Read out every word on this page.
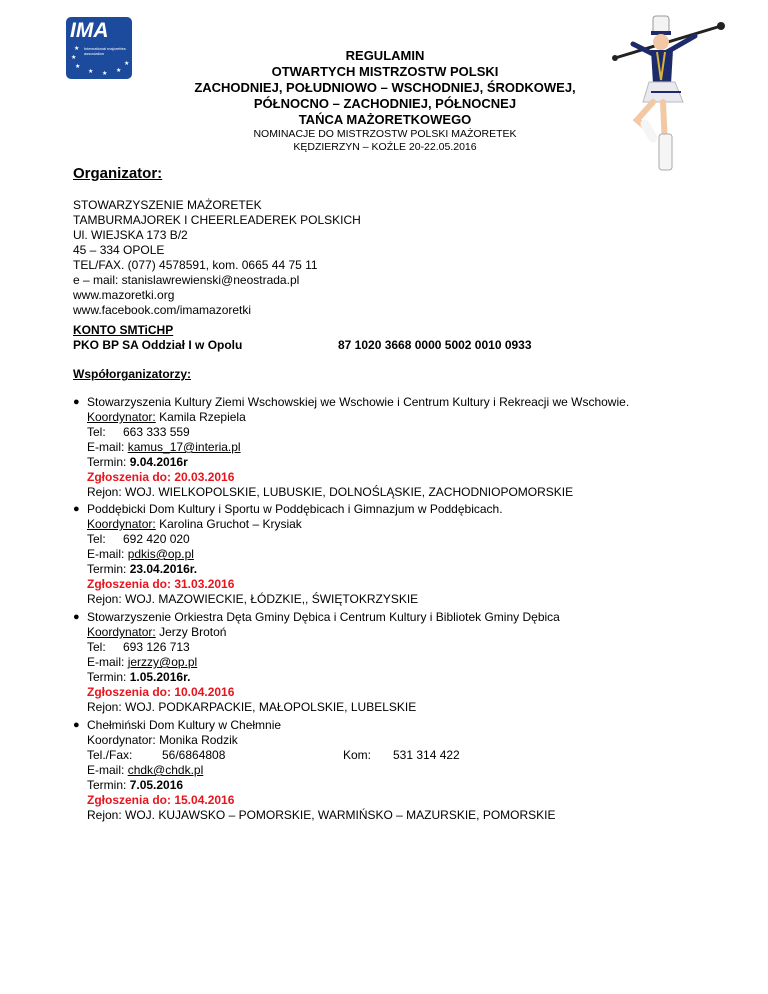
IMA
International majorettes association
★
★
★
★ ★ ★
★
REGULAMIN
OTWARTYCH MISTRZOSTW POLSKI
ZACHODNIEJ, POŁUDNIOWO – WSCHODNIEJ, ŚRODKOWEJ,
PÓŁNOCNO – ZACHODNIEJ, PÓŁNOCNEJ
TAŃCA MAŻORETKOWEGO
NOMINACJE DO MISTRZOSTW POLSKI MAŻORETEK
KĘDZIERZYN – KOŹLE 20-22.05.2016
Organizator:
STOWARZYSZENIE MAŻORETEK
TAMBURMAJOREK I CHEERLEADEREK POLSKICH
Ul. WIEJSKA 173 B/2
45 – 334 OPOLE
TEL/FAX. (077) 4578591, kom. 0665 44 75 11
e – mail: stanislawrewienski@neostrada.pl
www.mazoretki.org
www.facebook.com/imamazoretki
KONTO SMTiCHP
PKO BP SA Oddział I w Opolu	87 1020 3668 0000 5002 0010 0933
Współorganizatorzy:
● Stowarzyszenia Kultury Ziemi Wschowskiej we Wschowie i Centrum Kultury i Rekreacji we Wschowie.
Koordynator: Kamila Rzepiela
Tel: 663 333 559
E-mail: kamus_17@interia.pl
Termin: 9.04.2016r
Zgłoszenia do: 20.03.2016
Rejon: WOJ. WIELKOPOLSKIE, LUBUSKIE, DOLNOŚLĄSKIE, ZACHODNIOPOMORSKIE
● Poddębicki Dom Kultury i Sportu w Poddębicach i Gimnazjum w Poddębicach.
Koordynator: Karolina Gruchot – Krysiak
Tel: 692 420 020
E-mail: pdkis@op.pl
Termin: 23.04.2016r.
Zgłoszenia do: 31.03.2016
Rejon: WOJ. MAZOWIECKIE, ŁÓDZKIE,, ŚWIĘTOKRZYSKIE
● Stowarzyszenie Orkiestra Dęta Gminy Dębica i Centrum Kultury i Bibliotek Gminy Dębica
Koordynator: Jerzy Brotoń
Tel: 693 126 713
E-mail: jerzzy@op.pl
Termin: 1.05.2016r.
Zgłoszenia do: 10.04.2016
Rejon: WOJ. PODKARPACKIE, MAŁOPOLSKIE, LUBELSKIE
● Chełmiński Dom Kultury w Chełmnie
Koordynator: Monika Rodzik
Tel./Fax: 56/6864808	Kom: 531 314 422
E-mail: chdk@chdk.pl
Termin: 7.05.2016
Zgłoszenia do: 15.04.2016
Rejon: WOJ. KUJAWSKO – POMORSKIE, WARMIŃSKO – MAZURSKIE, POMORSKIE
